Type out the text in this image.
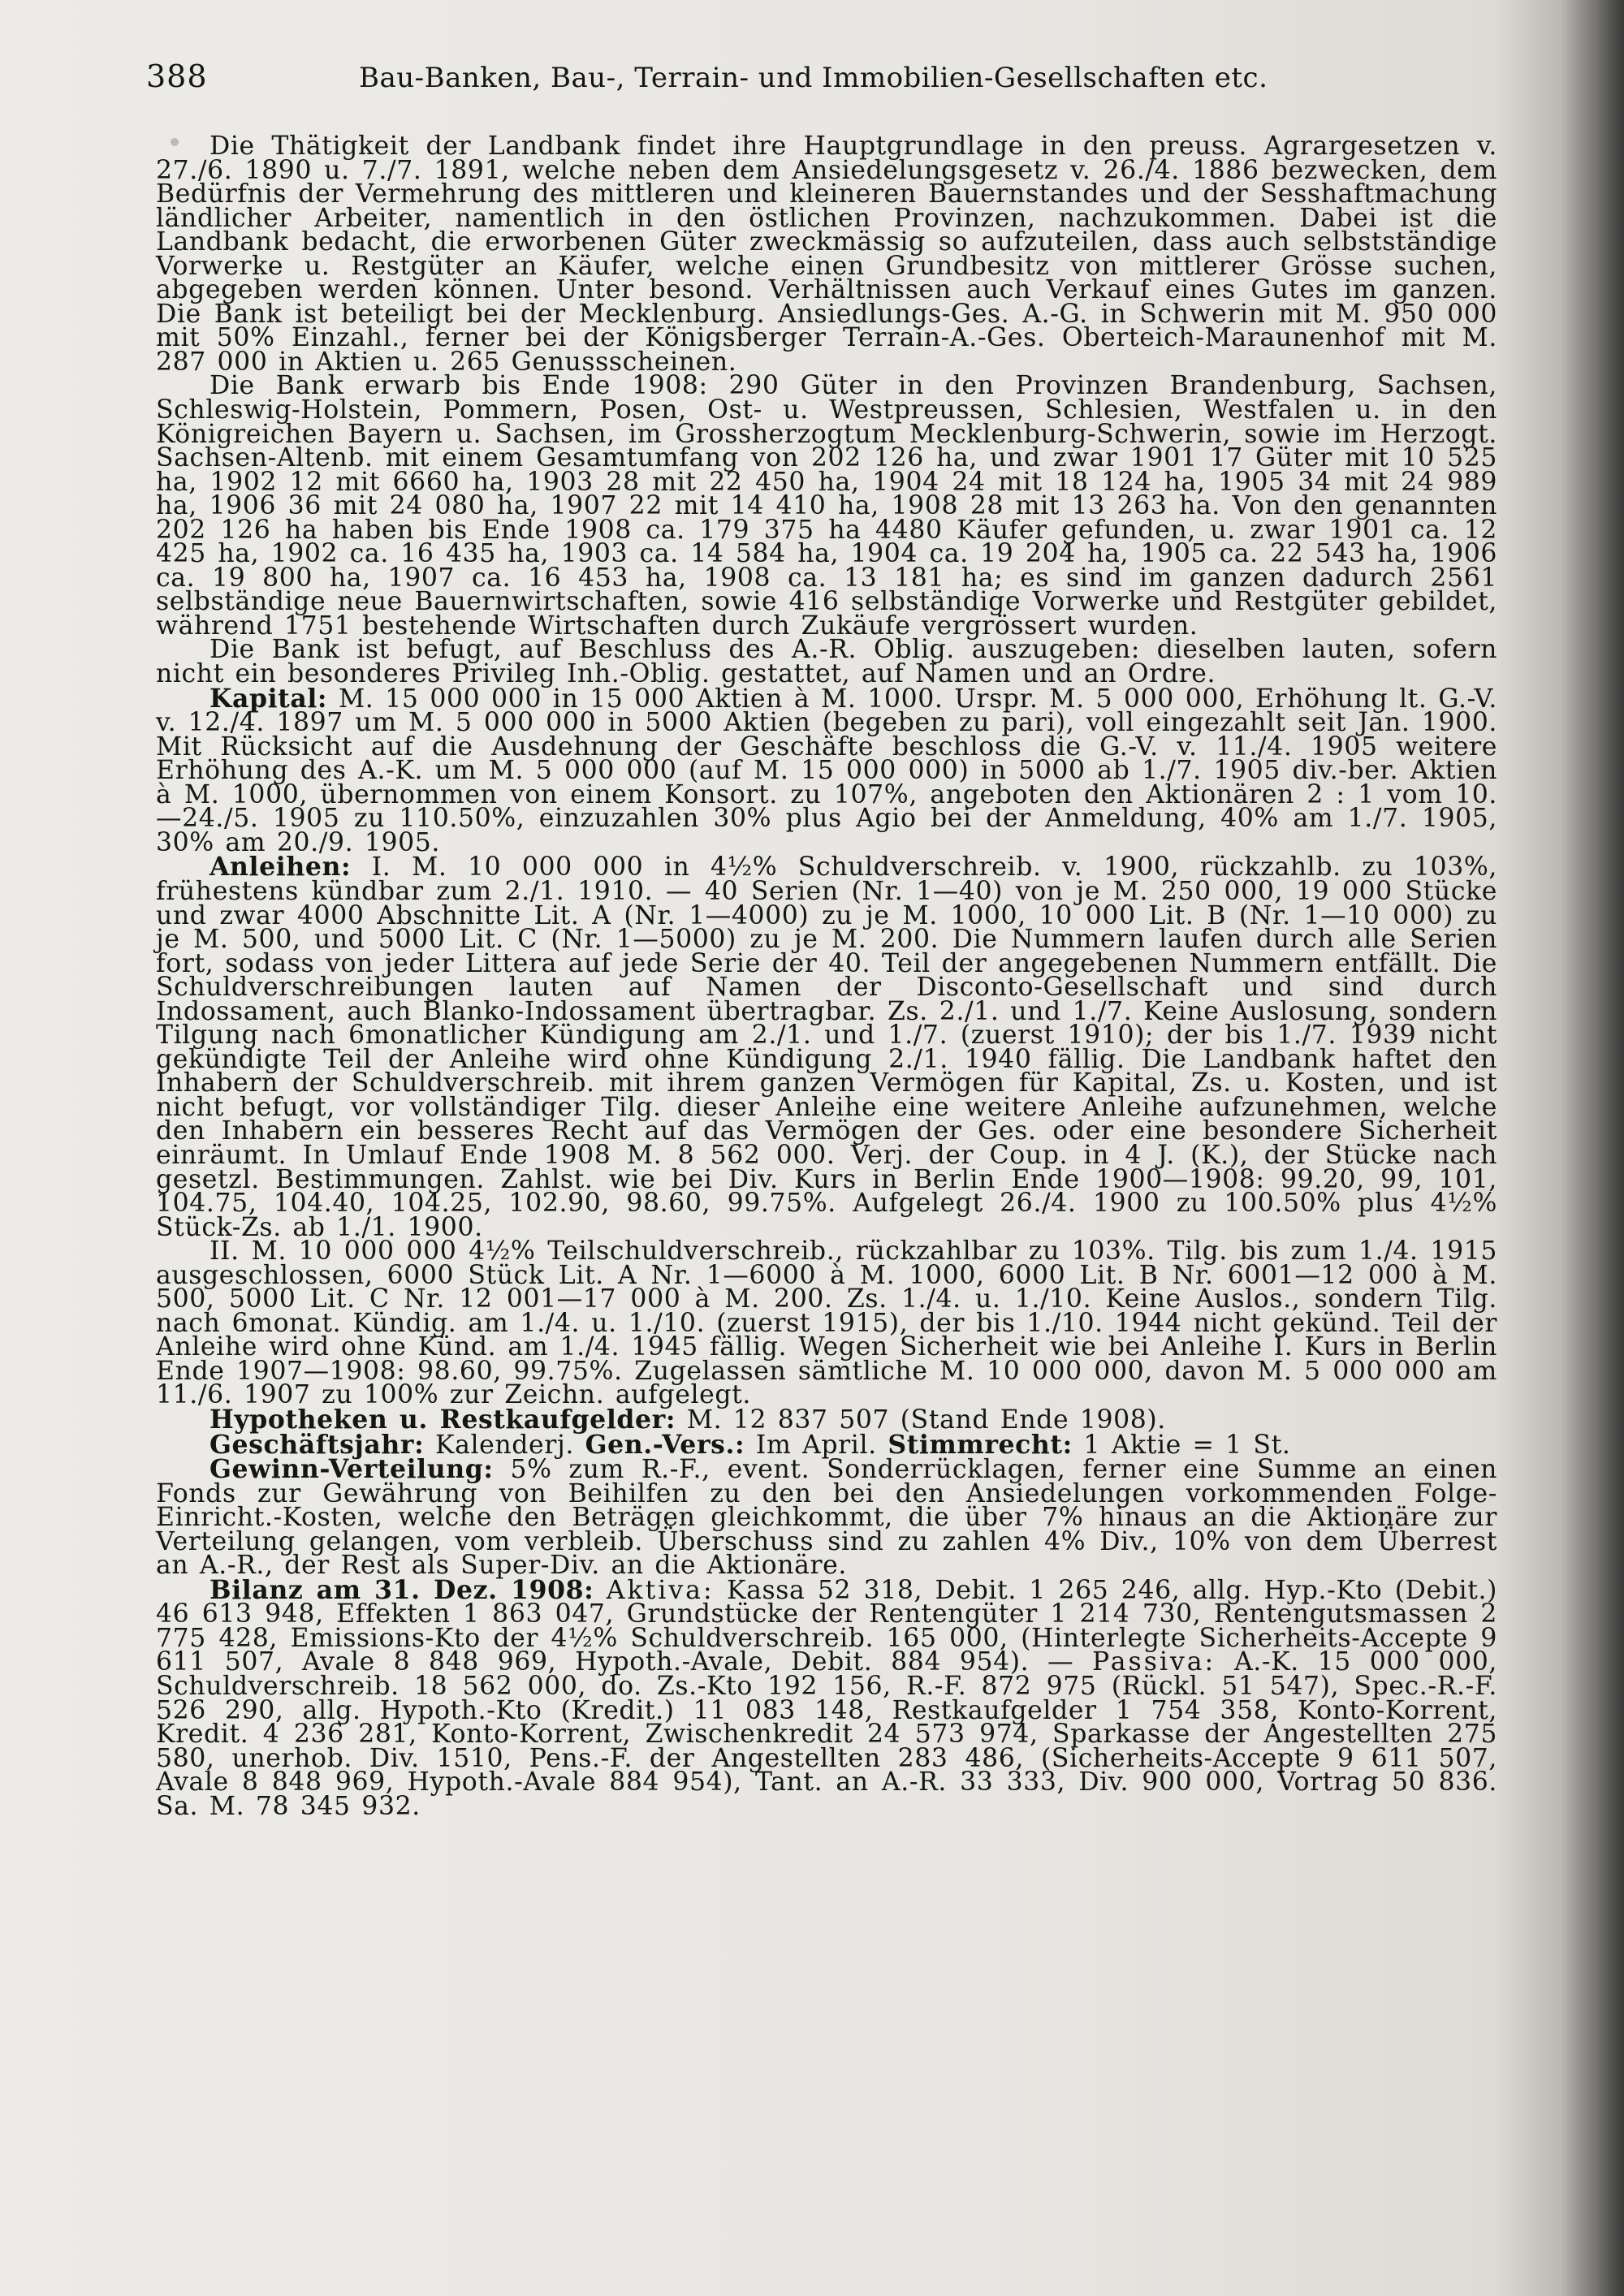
388	Bau-Banken, Bau-, Terrain- und Immobilien-Gesellschaften etc.

Die Thätigkeit der Landbank findet ihre Hauptgrundlage in den preuss. Agrargesetzen v. 27./6. 1890 u. 7./7. 1891, welche neben dem Ansiedelungsgesetz v. 26./4. 1886 bezwecken, dem Bedürfnis der Vermehrung des mittleren und kleineren Bauernstandes und der Sesshaftmachung ländlicher Arbeiter, namentlich in den östlichen Provinzen, nachzukommen. Dabei ist die Landbank bedacht, die erworbenen Güter zweckmässig so aufzuteilen, dass auch selbstständige Vorwerke u. Restgüter an Käufer, welche einen Grundbesitz von mittlerer Grösse suchen, abgegeben werden können. Unter besond. Verhältnissen auch Verkauf eines Gutes im ganzen. Die Bank ist beteiligt bei der Mecklenburg. Ansiedlungs-Ges. A.-G. in Schwerin mit M. 950 000 mit 50% Einzahl., ferner bei der Königsberger Terrain-A.-Ges. Oberteich-Maraunenhof mit M. 287 000 in Aktien u. 265 Genussscheinen.

Die Bank erwarb bis Ende 1908: 290 Güter in den Provinzen Brandenburg, Sachsen, Schleswig-Holstein, Pommern, Posen, Ost- u. Westpreussen, Schlesien, Westfalen u. in den Königreichen Bayern u. Sachsen, im Grossherzogtum Mecklenburg-Schwerin, sowie im Herzogt. Sachsen-Altenb. mit einem Gesamtumfang von 202 126 ha, und zwar 1901 17 Güter mit 10 525 ha, 1902 12 mit 6660 ha, 1903 28 mit 22 450 ha, 1904 24 mit 18 124 ha, 1905 34 mit 24 989 ha, 1906 36 mit 24 080 ha, 1907 22 mit 14 410 ha, 1908 28 mit 13 263 ha. Von den genannten 202 126 ha haben bis Ende 1908 ca. 179 375 ha 4480 Käufer gefunden, u. zwar 1901 ca. 12 425 ha, 1902 ca. 16 435 ha, 1903 ca. 14 584 ha, 1904 ca. 19 204 ha, 1905 ca. 22 543 ha, 1906 ca. 19 800 ha, 1907 ca. 16 453 ha, 1908 ca. 13 181 ha; es sind im ganzen dadurch 2561 selbständige neue Bauernwirtschaften, sowie 416 selbständige Vorwerke und Restgüter gebildet, während 1751 bestehende Wirtschaften durch Zukäufe vergrössert wurden.

Die Bank ist befugt, auf Beschluss des A.-R. Oblig. auszugeben: dieselben lauten, sofern nicht ein besonderes Privileg Inh.-Oblig. gestattet, auf Namen und an Ordre.

Kapital: M. 15 000 000 in 15 000 Aktien à M. 1000. Urspr. M. 5 000 000, Erhöhung lt. G.-V. v. 12./4. 1897 um M. 5 000 000 in 5000 Aktien (begeben zu pari), voll eingezahlt seit Jan. 1900. Mit Rücksicht auf die Ausdehnung der Geschäfte beschloss die G.-V. v. 11./4. 1905 weitere Erhöhung des A.-K. um M. 5 000 000 (auf M. 15 000 000) in 5000 ab 1./7. 1905 div.-ber. Aktien à M. 1000, übernommen von einem Konsort. zu 107%, angeboten den Aktionären 2 : 1 vom 10.—24./5. 1905 zu 110.50%, einzuzahlen 30% plus Agio bei der Anmeldung, 40% am 1./7. 1905, 30% am 20./9. 1905.

Anleihen: I. M. 10 000 000 in 4½% Schuldverschreib. v. 1900, rückzahlb. zu 103%, frühestens kündbar zum 2./1. 1910. — 40 Serien (Nr. 1—40) von je M. 250 000, 19 000 Stücke und zwar 4000 Abschnitte Lit. A (Nr. 1—4000) zu je M. 1000, 10 000 Lit. B (Nr. 1—10 000) zu je M. 500, und 5000 Lit. C (Nr. 1—5000) zu je M. 200. Die Nummern laufen durch alle Serien fort, sodass von jeder Littera auf jede Serie der 40. Teil der angegebenen Nummern entfällt. Die Schuldverschreibungen lauten auf Namen der Disconto-Gesellschaft und sind durch Indossament, auch Blanko-Indossament übertragbar. Zs. 2./1. und 1./7. Keine Auslosung, sondern Tilgung nach 6monatlicher Kündigung am 2./1. und 1./7. (zuerst 1910); der bis 1./7. 1939 nicht gekündigte Teil der Anleihe wird ohne Kündigung 2./1. 1940 fällig. Die Landbank haftet den Inhabern der Schuldverschreib. mit ihrem ganzen Vermögen für Kapital, Zs. u. Kosten, und ist nicht befugt, vor vollständiger Tilg. dieser Anleihe eine weitere Anleihe aufzunehmen, welche den Inhabern ein besseres Recht auf das Vermögen der Ges. oder eine besondere Sicherheit einräumt. In Umlauf Ende 1908 M. 8 562 000. Verj. der Coup. in 4 J. (K.), der Stücke nach gesetzl. Bestimmungen. Zahlst. wie bei Div. Kurs in Berlin Ende 1900—1908: 99.20, 99, 101, 104.75, 104.40, 104.25, 102.90, 98.60, 99.75%. Aufgelegt 26./4. 1900 zu 100.50% plus 4½% Stück-Zs. ab 1./1. 1900.

II. M. 10 000 000 4½% Teilschuldverschreib., rückzahlbar zu 103%. Tilg. bis zum 1./4. 1915 ausgeschlossen, 6000 Stück Lit. A Nr. 1—6000 à M. 1000, 6000 Lit. B Nr. 6001—12 000 à M. 500, 5000 Lit. C Nr. 12 001—17 000 à M. 200. Zs. 1./4. u. 1./10. Keine Auslos., sondern Tilg. nach 6monat. Kündig. am 1./4. u. 1./10. (zuerst 1915), der bis 1./10. 1944 nicht gekünd. Teil der Anleihe wird ohne Künd. am 1./4. 1945 fällig. Wegen Sicherheit wie bei Anleihe I. Kurs in Berlin Ende 1907—1908: 98.60, 99.75%. Zugelassen sämtliche M. 10 000 000, davon M. 5 000 000 am 11./6. 1907 zu 100% zur Zeichn. aufgelegt.

Hypotheken u. Restkaufgelder: M. 12 837 507 (Stand Ende 1908).

Geschäftsjahr: Kalenderj. Gen.-Vers.: Im April. Stimmrecht: 1 Aktie = 1 St.

Gewinn-Verteilung: 5% zum R.-F., event. Sonderrücklagen, ferner eine Summe an einen Fonds zur Gewährung von Beihilfen zu den bei den Ansiedelungen vorkommenden Folge-Einricht.-Kosten, welche den Beträgen gleichkommt, die über 7% hinaus an die Aktionäre zur Verteilung gelangen, vom verbleib. Überschuss sind zu zahlen 4% Div., 10% von dem Überrest an A.-R., der Rest als Super-Div. an die Aktionäre.

Bilanz am 31. Dez. 1908: Aktiva: Kassa 52 318, Debit. 1 265 246, allg. Hyp.-Kto (Debit.) 46 613 948, Effekten 1 863 047, Grundstücke der Rentengüter 1 214 730, Rentengutsmassen 2 775 428, Emissions-Kto der 4½% Schuldverschreib. 165 000, (Hinterlegte Sicherheits-Accepte 9 611 507, Avale 8 848 969, Hypoth.-Avale, Debit. 884 954). — Passiva: A.-K. 15 000 000, Schuldverschreib. 18 562 000, do. Zs.-Kto 192 156, R.-F. 872 975 (Rückl. 51 547), Spec.-R.-F. 526 290, allg. Hypoth.-Kto (Kredit.) 11 083 148, Restkaufgelder 1 754 358, Konto-Korrent, Kredit. 4 236 281, Konto-Korrent, Zwischenkredit 24 573 974, Sparkasse der Angestellten 275 580, unerhob. Div. 1510, Pens.-F. der Angestellten 283 486, (Sicherheits-Accepte 9 611 507, Avale 8 848 969, Hypoth.-Avale 884 954), Tant. an A.-R. 33 333, Div. 900 000, Vortrag 50 836. Sa. M. 78 345 932.
